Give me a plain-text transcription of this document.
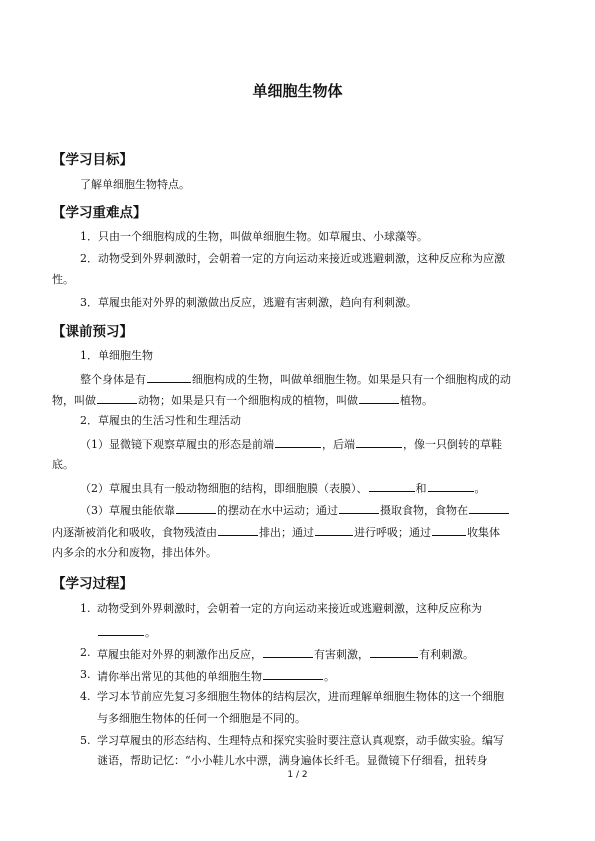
单细胞生物体
【学习目标】
了解单细胞生物特点。
【学习重难点】
1．只由一个细胞构成的生物，叫做单细胞生物。如草履虫、小球藻等。
2．动物受到外界刺激时，会朝着一定的方向运动来接近或逃避刺激，这种反应称为应激
性。
3．草履虫能对外界的刺激做出反应，逃避有害刺激，趋向有利刺激。
【课前预习】
1．单细胞生物
整个身体是有	细胞构成的生物，叫做单细胞生物。如果是只有一个细胞构成的动
物，叫做	动物；如果是只有一个细胞构成的植物，叫做	植物。
2．草履虫的生活习性和生理活动
（1）显微镜下观察草履虫的形态是前端	，后端	，像一只倒转的草鞋
底。
（2）草履虫具有一般动物细胞的结构，即细胞膜（表膜）、	和	。
（3）草履虫能依靠	的摆动在水中运动；通过	摄取食物，食物在
内逐渐被消化和吸收，食物残渣由	排出；通过	进行呼吸；通过	收集体
内多余的水分和废物，排出体外。
【学习过程】
1. 动物受到外界刺激时，会朝着一定的方向运动来接近或逃避刺激，这种反应称为
。
2. 草履虫能对外界的刺激作出反应，	有害刺激，	有利刺激。
3. 请你举出常见的其他的单细胞生物	。
4. 学习本节前应先复习多细胞生物体的结构层次，进而理解单细胞生物体的这一个细胞
与多细胞生物体的任何一个细胞是不同的。
5. 学习草履虫的形态结构、生理特点和探究实验时要注意认真观察，动手做实验。编写
谜语，帮助记忆：“小小鞋儿水中漂，满身遍体长纤毛。显微镜下仔细看，扭转身
1 / 2
